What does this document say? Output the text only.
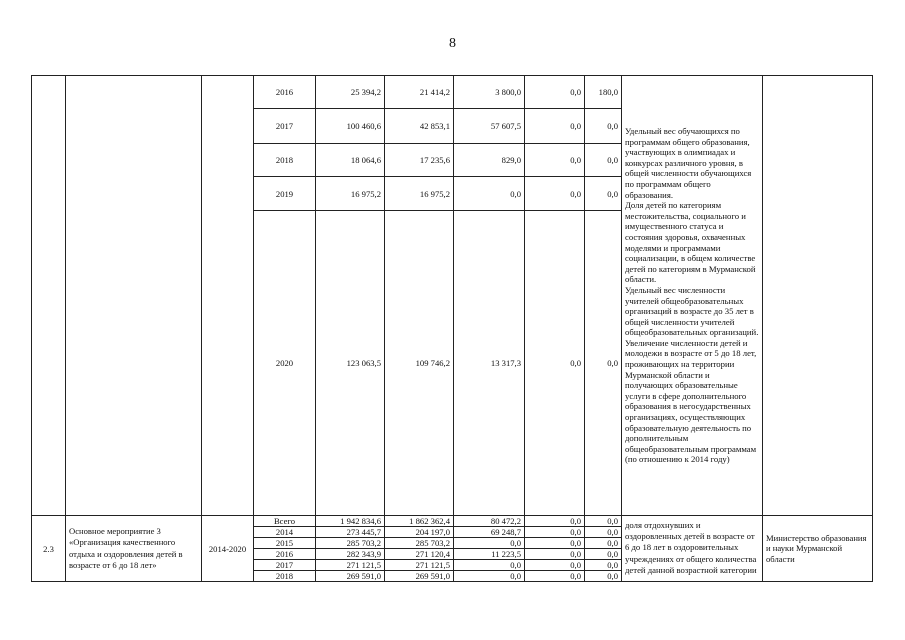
8
			2016	25 394,2	21 414,2	3 800,0	0,0	180,0	Удельный вес обучающихся по программам общего образования, участвующих в олимпиадах и конкурсах различного уровня, в общей численности обучающихся по программам общего образования.
Доля детей по категориям местожительства, социального и имущественного статуса и состояния здоровья, охваченных моделями и программами социализации, в общем количестве детей по категориям в Мурманской области.
Удельный вес численности учителей общеобразовательных организаций в возрасте до 35 лет в общей численности учителей общеобразовательных организаций.
Увеличение численности детей и молодежи в возрасте от 5 до 18 лет, проживающих на территории Мурманской области и получающих образовательные услуги в сфере дополнительного образования в негосударственных организациях, осуществляющих образовательную деятельность по дополнительным общеобразовательным программам (по отношению к 2014 году)	

			2017	100 460,6	42 853,1	57 607,5	0,0	0,0		
			2018	18 064,6	17 235,6	829,0	0,0	0,0		
			2019	16 975,2	16 975,2	0,0	0,0	0,0		
			2020	123 063,5	109 746,2	13 317,3	0,0	0,0		
2.3	Основное мероприятие 3 «Организация качественного отдыха и оздоровления детей в возрасте от 6 до 18 лет»	2014-2020	Всего	1 942 834,6	1 862 362,4	80 472,2	0,0	0,0	доля отдохнувших и оздоровленных детей в возрасте от 6 до 18 лет в оздоровительных учреждениях от общего количества детей данной возрастной категории	Министерство образования и науки Мурманской области
			2014	273 445,7	204 197,0	69 248,7	0,0	0,0		
			2015	285 703,2	285 703,2	0,0	0,0	0,0		
			2016	282 343,9	271 120,4	11 223,5	0,0	0,0		
			2017	271 121,5	271 121,5	0,0	0,0	0,0		
			2018	269 591,0	269 591,0	0,0	0,0	0,0		
